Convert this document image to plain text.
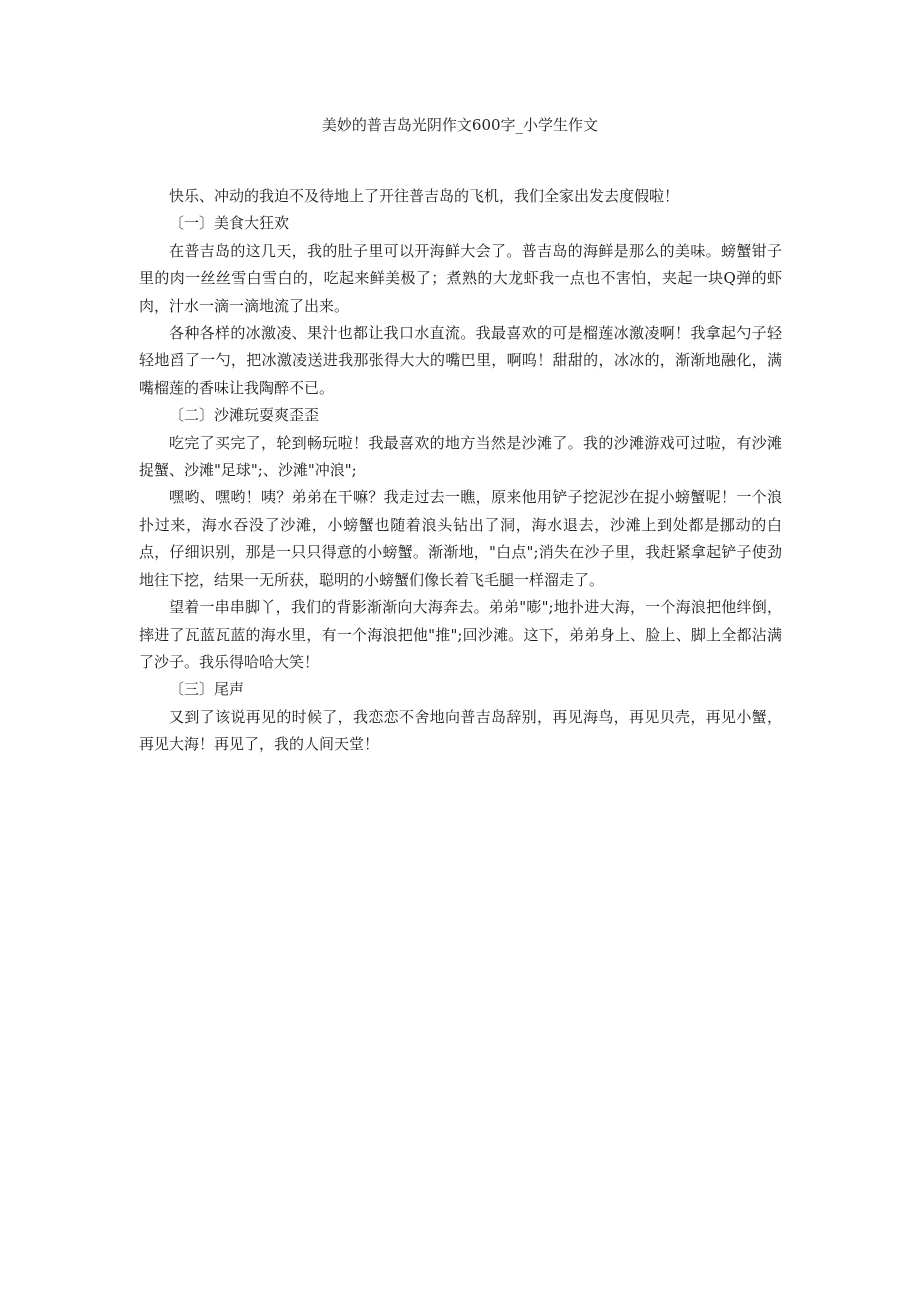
美妙的普吉岛光阴作文600字_小学生作文

快乐、冲动的我迫不及待地上了开往普吉岛的飞机，我们全家出发去度假啦！

〔一〕美食大狂欢

在普吉岛的这几天，我的肚子里可以开海鲜大会了。普吉岛的海鲜是那么的美味。螃蟹钳子里的肉一丝丝雪白雪白的，吃起来鲜美极了；煮熟的大龙虾我一点也不害怕，夹起一块Q弹的虾肉，汁水一滴一滴地流了出来。

各种各样的冰激凌、果汁也都让我口水直流。我最喜欢的可是榴莲冰激凌啊！我拿起勺子轻轻地舀了一勺，把冰激凌送进我那张得大大的嘴巴里，啊呜！甜甜的，冰冰的，渐渐地融化，满嘴榴莲的香味让我陶醉不已。

〔二〕沙滩玩耍爽歪歪

吃完了买完了，轮到畅玩啦！我最喜欢的地方当然是沙滩了。我的沙滩游戏可过啦，有沙滩捉蟹、沙滩"足球";、沙滩"冲浪";

嘿哟、嘿哟！咦？弟弟在干嘛？我走过去一瞧，原来他用铲子挖泥沙在捉小螃蟹呢！一个浪扑过来，海水吞没了沙滩，小螃蟹也随着浪头钻出了洞，海水退去，沙滩上到处都是挪动的白点，仔细识别，那是一只只得意的小螃蟹。渐渐地，"白点";消失在沙子里，我赶紧拿起铲子使劲地往下挖，结果一无所获，聪明的小螃蟹们像长着飞毛腿一样溜走了。

望着一串串脚丫，我们的背影渐渐向大海奔去。弟弟"嘭";地扑进大海，一个海浪把他绊倒，摔进了瓦蓝瓦蓝的海水里，有一个海浪把他"推";回沙滩。这下，弟弟身上、脸上、脚上全都沾满了沙子。我乐得哈哈大笑！

〔三〕尾声

又到了该说再见的时候了，我恋恋不舍地向普吉岛辞别，再见海鸟，再见贝壳，再见小蟹，再见大海！再见了，我的人间天堂！
